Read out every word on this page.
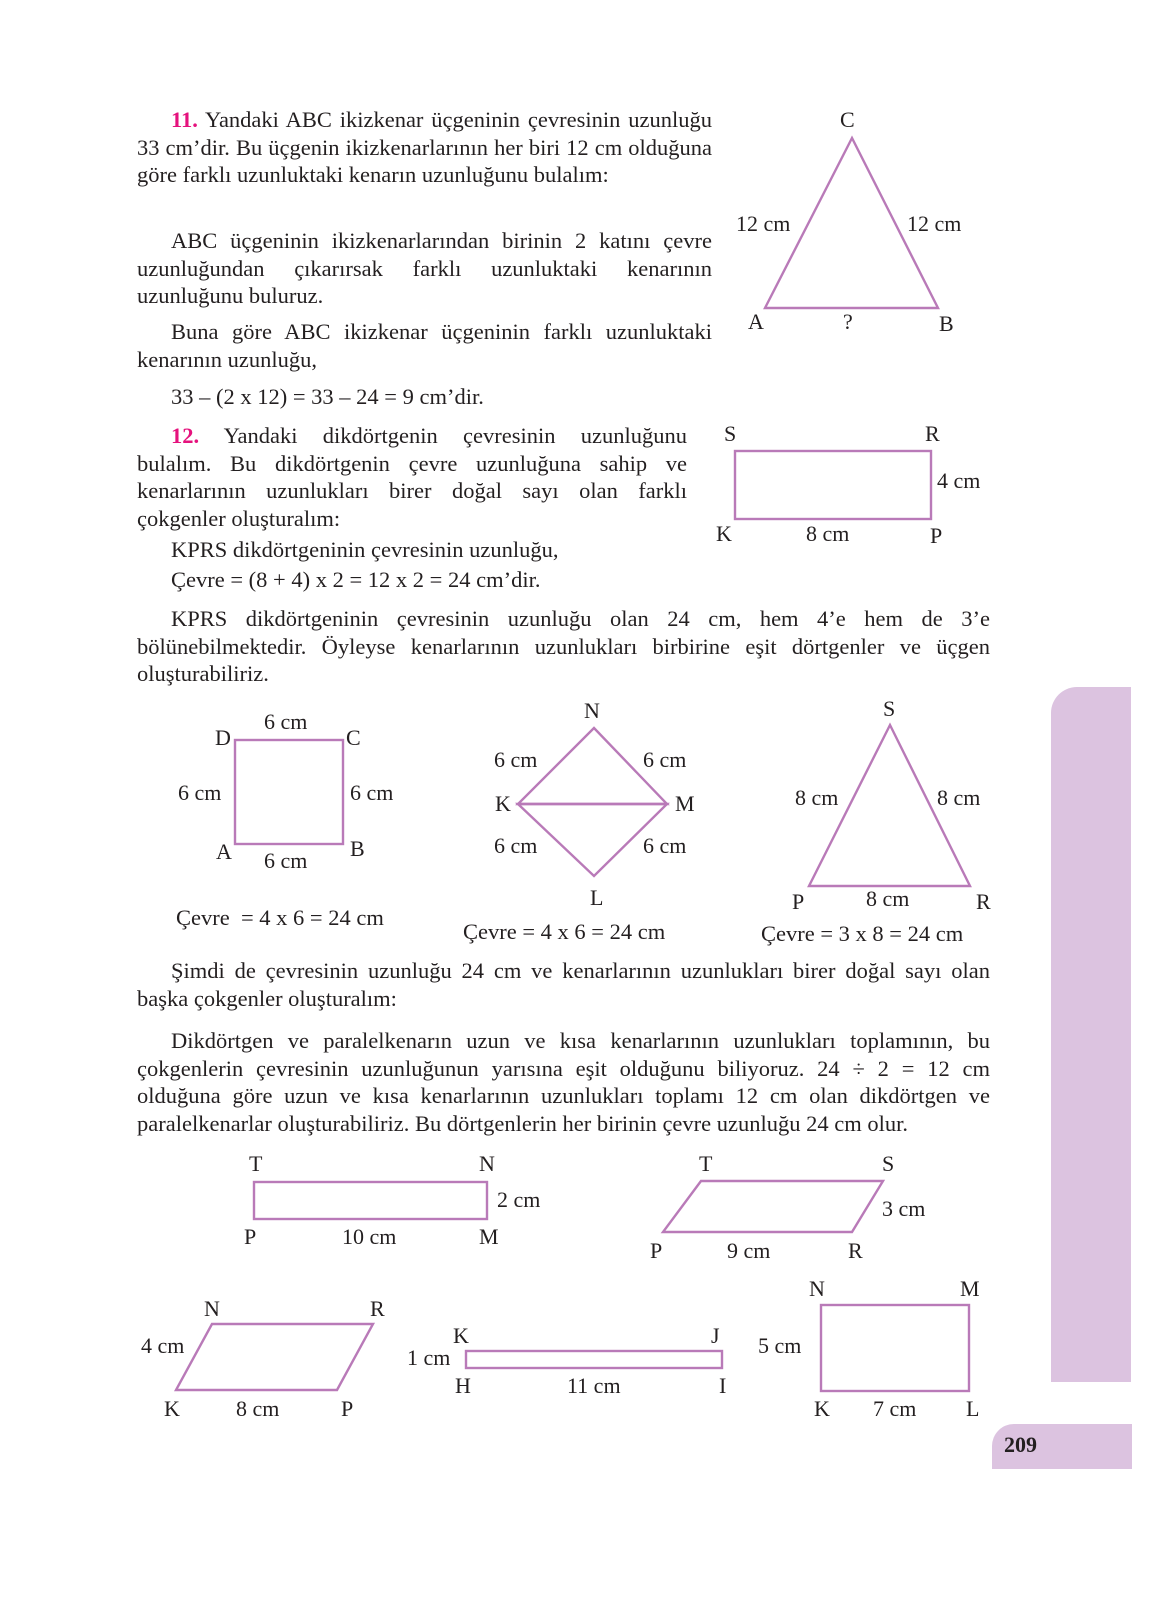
209

11. Yandaki ABC ikizkenar üçgeninin çevresinin uzunluğu 33 cm’dir. Bu üçgenin ikizkenarlarının her biri 12 cm olduğuna göre farklı uzunluktaki kenarın uzunluğunu bulalım:

ABC üçgeninin ikizkenarlarından birinin 2 katını çevre uzunluğundan çıkarırsak farklı uzunluktaki kenarının uzunluğunu buluruz.

Buna göre ABC ikizkenar üçgeninin farklı uzunluktaki kenarının uzunluğu,

33 – (2 x 12) = 33 – 24 = 9 cm’dir.
C
12 cm	12 cm
A	?	B

12. Yandaki dikdörtgenin çevresinin uzunluğunu bulalım. Bu dikdörtgenin çevre uzunluğuna sahip ve kenarlarının uzunlukları birer doğal sayı olan farklı çokgenler oluşturalım:

KPRS dikdörtgeninin çevresinin uzunluğu,
Çevre = (8 + 4) x 2 = 12 x 2 = 24 cm’dir.
S	R
4 cm
K	8 cm	P

KPRS dikdörtgeninin çevresinin uzunluğu olan 24 cm, hem 4’e hem de 3’e bölünebilmektedir. Öyleyse kenarlarının uzunlukları birbirine eşit dörtgenler ve üçgen oluşturabiliriz.

6 cm
D	C
6 cm	6 cm
A	B
6 cm
Çevre  = 4 x 6 = 24 cm
N
6 cm	6 cm
K	M
6 cm	6 cm
L
Çevre = 4 x 6 = 24 cm
S
8 cm	8 cm
P	8 cm	R
Çevre = 3 x 8 = 24 cm

Şimdi de çevresinin uzunluğu 24 cm ve kenarlarının uzunlukları birer doğal sayı olan başka çokgenler oluşturalım:

Dikdörtgen ve paralelkenarın uzun ve kısa kenarlarının uzunlukları toplamının, bu çokgenlerin çevresinin uzunluğunun yarısına eşit olduğunu biliyoruz. 24 ÷ 2 = 12 cm olduğuna göre uzun ve kısa kenarlarının uzunlukları toplamı 12 cm olan dikdörtgen ve paralelkenarlar oluşturabiliriz. Bu dörtgenlerin her birinin çevre uzunluğu 24 cm olur.

T	N
2 cm
P	10 cm	M
T	S
3 cm
P	9 cm	R
N	R
4 cm
K	8 cm	P
K	J
1 cm
H	11 cm	I
N	M
5 cm
K 7 cm L
